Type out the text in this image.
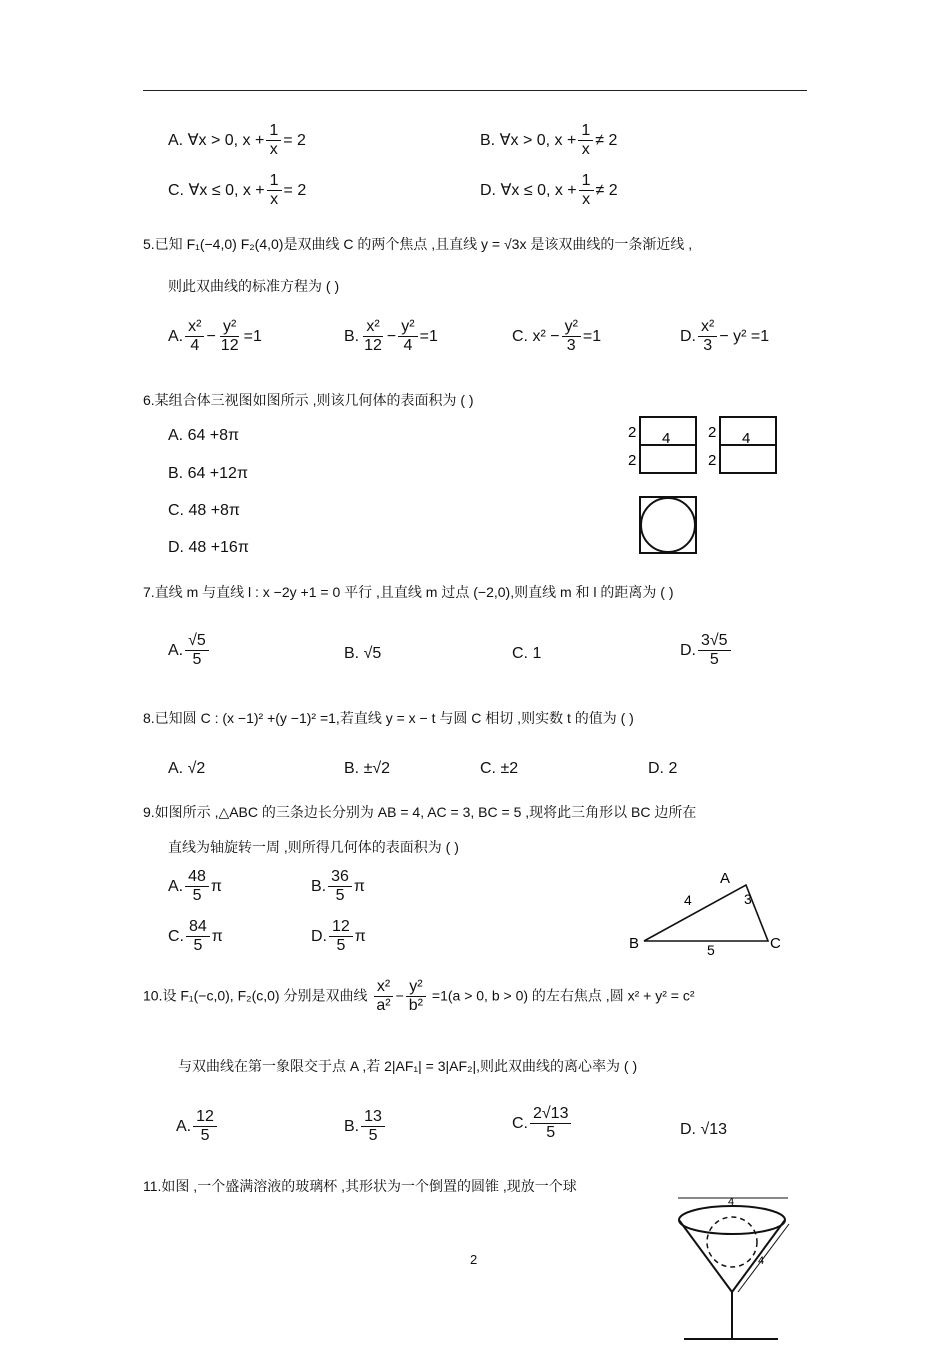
A. ∀x > 0, $x + \frac{1}{x} = 2$	B. ∀x > 0, $x + \frac{1}{x} \ne 2$
C. ∀x ≤ 0, $x + \frac{1}{x} = 2$	D. ∀x ≤ 0, $x + \frac{1}{x} \ne 2$
5.已知 F₁(−4,0) F₂(4,0)是双曲线 C 的两个焦点 ,且直线 y = √3x 是该双曲线的一条渐近线 ,
则此双曲线的标准方程为 ( )
A. $\frac{\text{x²}}{4} - \frac{\text{y²}}{12} =1$	B. $\frac{\text{x²}}{12} - \frac{\text{y²}}{4} =1$	C. $x^2 - \frac{\text{y²}}{3} =1$	D. $\frac{\text{x²}}{3} - y^2 =1$
6.某组合体三视图如图所示 ,则该几何体的表面积为 ( )
A. 64 +8π
B. 64 +12π
C. 48 +8π
D. 48 +16π
2
2
4	2
2
4
7.直线 m 与直线 l : x −2y +1 = 0 平行 ,且直线 m 过点 (−2,0),则直线 m 和 l 的距离为 ( )
A. $\frac{√5}{5}$	B. √5	C. 1	D. $\frac{3√5}{5}$
8.已知圆 C : (x −1)² +(y −1)² =1,若直线 y = x − t 与圆 C 相切 ,则实数 t 的值为 ( )
A. √2	B. ±√2	C. ±2	D. 2
9.如图所示 ,△ABC 的三条边长分别为 AB = 4, AC = 3, BC = 5 ,现将此三角形以 BC 边所在
直线为轴旋转一周 ,则所得几何体的表面积为 ( )
A. $\frac{48}{5}$ π	B. $\frac{36}{5}$ π
C. $\frac{84}{5}$ π	D. $\frac{12}{5}$ π
A
B	C
4	3
5
10.设 F₁(−c,0), F₂(c,0) 分别是双曲线 $\frac{\text{x²}}{\text{a²}} - \frac{\text{y²}}{\text{b²}} =1(a > 0$, b > 0) 的左右焦点 ,圆 x² + y² = c²
与双曲线在第一象限交于点 A ,若 2|AF₁| = 3|AF₂|,则此双曲线的离心率为 ( )
A. $\frac{12}{5}$	B. $\frac{13}{5}$	C. $\frac{2√13}{5}$	D. √13
11.如图 ,一个盛满溶液的玻璃杯 ,其形状为一个倒置的圆锥 ,现放一个球
4
4
2
